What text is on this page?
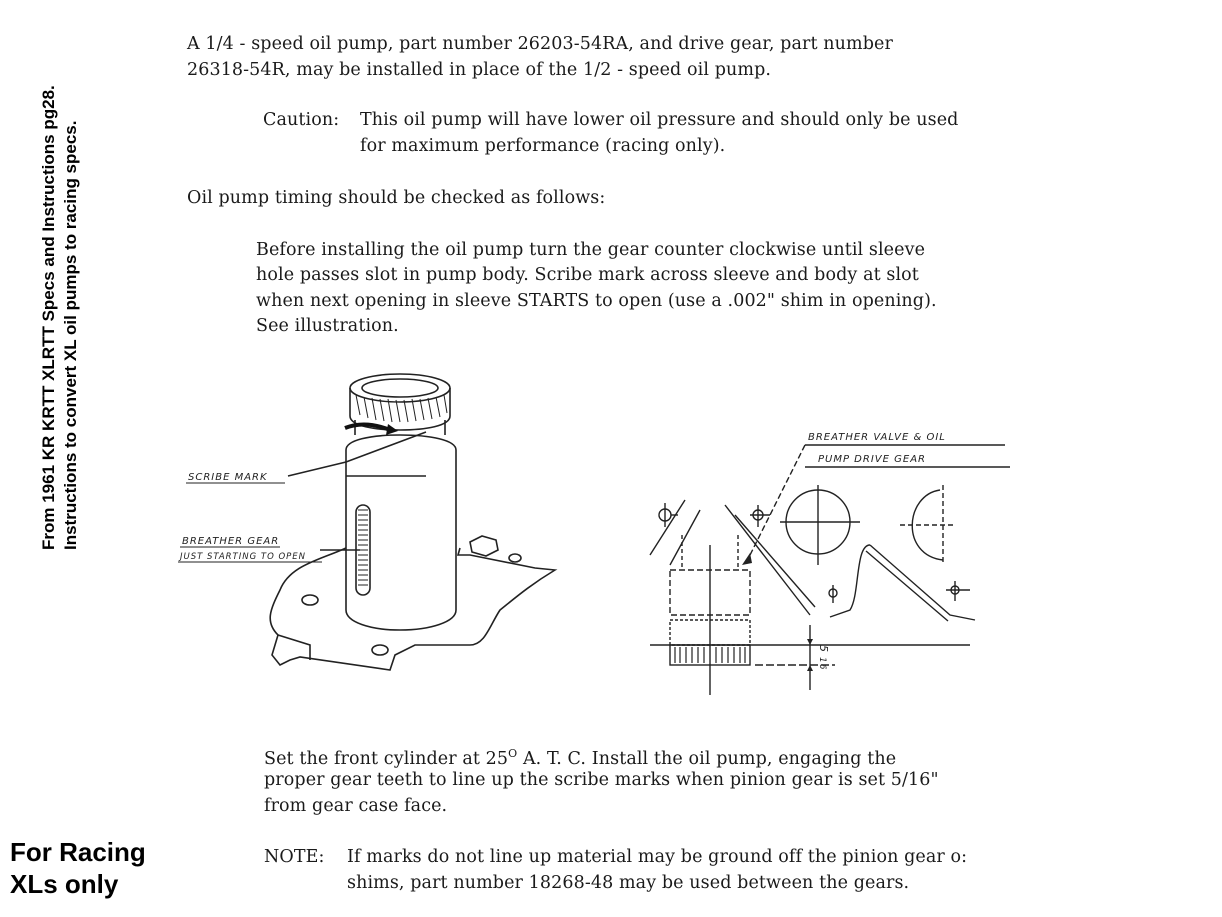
From 1961 KR KRTT XLRTT Specs and Instructions pg28. Instructions to convert XL oil pumps to racing specs.
For Racing
XLs only
A 1/4 - speed oil pump, part number 26203-54RA, and drive gear, part number
26318-54R, may be installed in place of the 1/2 - speed oil pump.
Caution: This oil pump will have lower oil pressure and should only be used
for maximum performance (racing only).
Oil pump timing should be checked as follows:
Before installing the oil pump turn the gear counter clockwise until sleeve
hole passes slot in pump body. Scribe mark across sleeve and body at slot
when next opening in sleeve STARTS to open (use a .002" shim in opening).
See illustration.
SCRIBE MARK
BREATHER GEAR
JUST STARTING TO OPEN
BREATHER VALVE & OIL
PUMP DRIVE GEAR
5
16
Set the front cylinder at $25^O$ A. T. C. Install the oil pump, engaging the
proper gear teeth to line up the scribe marks when pinion gear is set 5/16"
from gear case face.
NOTE: If marks do not line up material may be ground off the pinion gear o:
shims, part number 18268-48 may be used between the gears.
